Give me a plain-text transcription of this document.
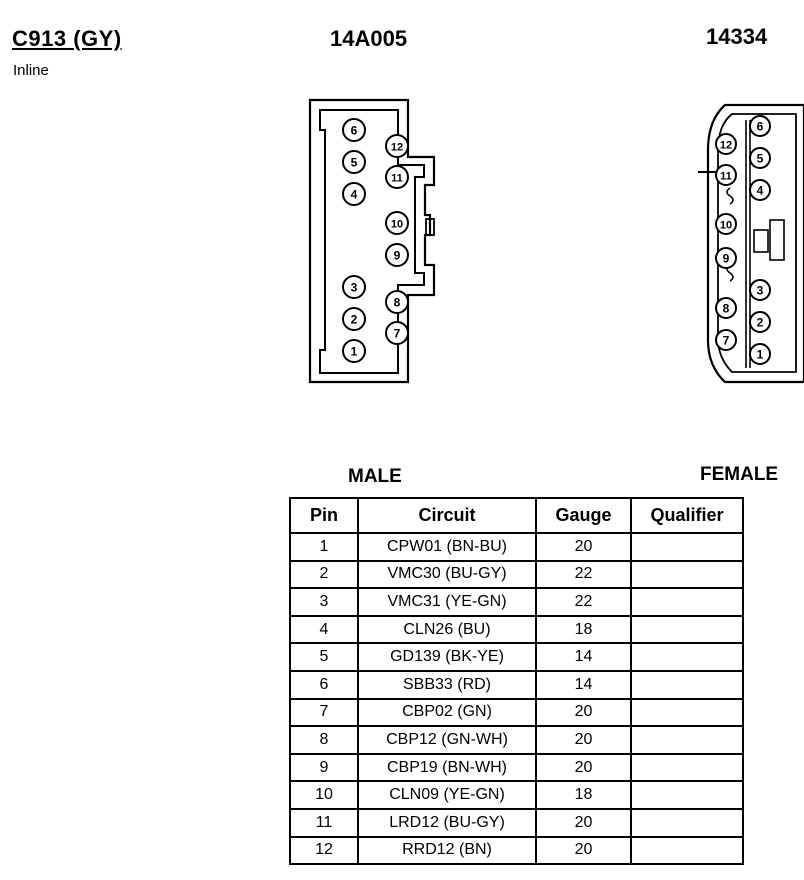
C913 (GY)
Inline
14A005	14334
1
2
3
4
5
6
7
8
9
10
11
12
1
2
3
4
5
6
7
8
9
10
11
12
MALE	FEMALE
Pin	Circuit	Gauge	Qualifier
1	CPW01 (BN-BU)	20	
2	VMC30 (BU-GY)	22	
3	VMC31 (YE-GN)	22	
4	CLN26 (BU)	18	
5	GD139 (BK-YE)	14	
6	SBB33 (RD)	14	
7	CBP02 (GN)	20	
8	CBP12 (GN-WH)	20	
9	CBP19 (BN-WH)	20	
10	CLN09 (YE-GN)	18	
11	LRD12 (BU-GY)	20	
12	RRD12 (BN)	20	
